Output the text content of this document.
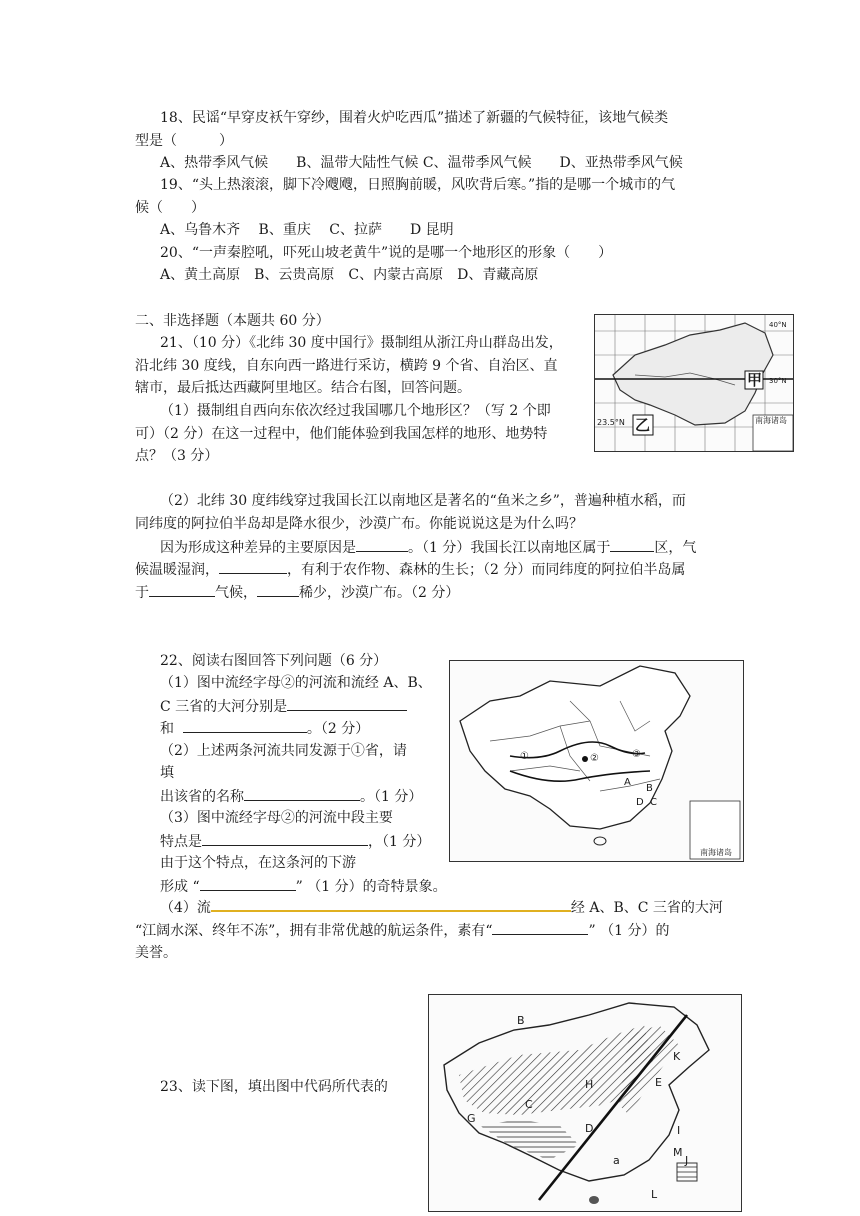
18、民谣“早穿皮袄午穿纱，围着火炉吃西瓜”描述了新疆的气候特征，该地气候类
型是（　　　）
A、热带季风气候　　B、温带大陆性气候 C、温带季风气候　　D、亚热带季风气候
19、“头上热滚滚，脚下冷飕飕，日照胸前暖，风吹背后寒。”指的是哪一个城市的气
候（　　）
A、乌鲁木齐　 B、重庆　 C、拉萨　　D 昆明
20、“一声秦腔吼，吓死山坡老黄牛”说的是哪一个地形区的形象（　　）
A、黄土高原　B、云贵高原　C、内蒙古高原　D、青藏高原
二、非选择题（本题共 60 分）
21、（10 分）《北纬 30 度中国行》摄制组从浙江舟山群岛出发，
沿北纬 30 度线，自东向西一路进行采访，横跨 9 个省、自治区、直
辖市，最后抵达西藏阿里地区。结合右图，回答问题。
（1）摄制组自西向东依次经过我国哪几个地形区？（写 2 个即
可）（2 分）在这一过程中，他们能体验到我国怎样的地形、地势特
点？（3 分）
（2）北纬 30 度纬线穿过我国长江以南地区是著名的“鱼米之乡”，普遍种植水稻，而
同纬度的阿拉伯半岛却是降水很少，沙漠广布。你能说说这是为什么吗？
因为形成这种差异的主要原因是	。（1 分）我国长江以南地区属于	区，气
候温暖湿润，	，有利于农作物、森林的生长；（2 分）而同纬度的阿拉伯半岛属
于	气候，	稀少，沙漠广布。（2 分）
甲
乙	南海诸岛
23.5°N
30°N
40°N
22、阅读右图回答下列问题（6 分）
（1）图中流经字母②的河流和流经 A、B、
C 三省的大河分别是
和	。（2 分）
（2）上述两条河流共同发源于①省，请
填
出该省的名称	。（1 分）
（3）图中流经字母②的河流中段主要
特点是	，（1 分）
由于这个特点，在这条河的下游
形成 “	” （1 分）的奇特景象。
（4）流	经 A、B、C 三省的大河
“江阔水深、终年不冻”，拥有非常优越的航运条件，素有“	” （1 分）的
美誉。
①	②	③
A
B
C
D
南海诸岛
23、读下图，填出图中代码所代表的
B
K
C
H	E
G
D	I
M
J
a
L
